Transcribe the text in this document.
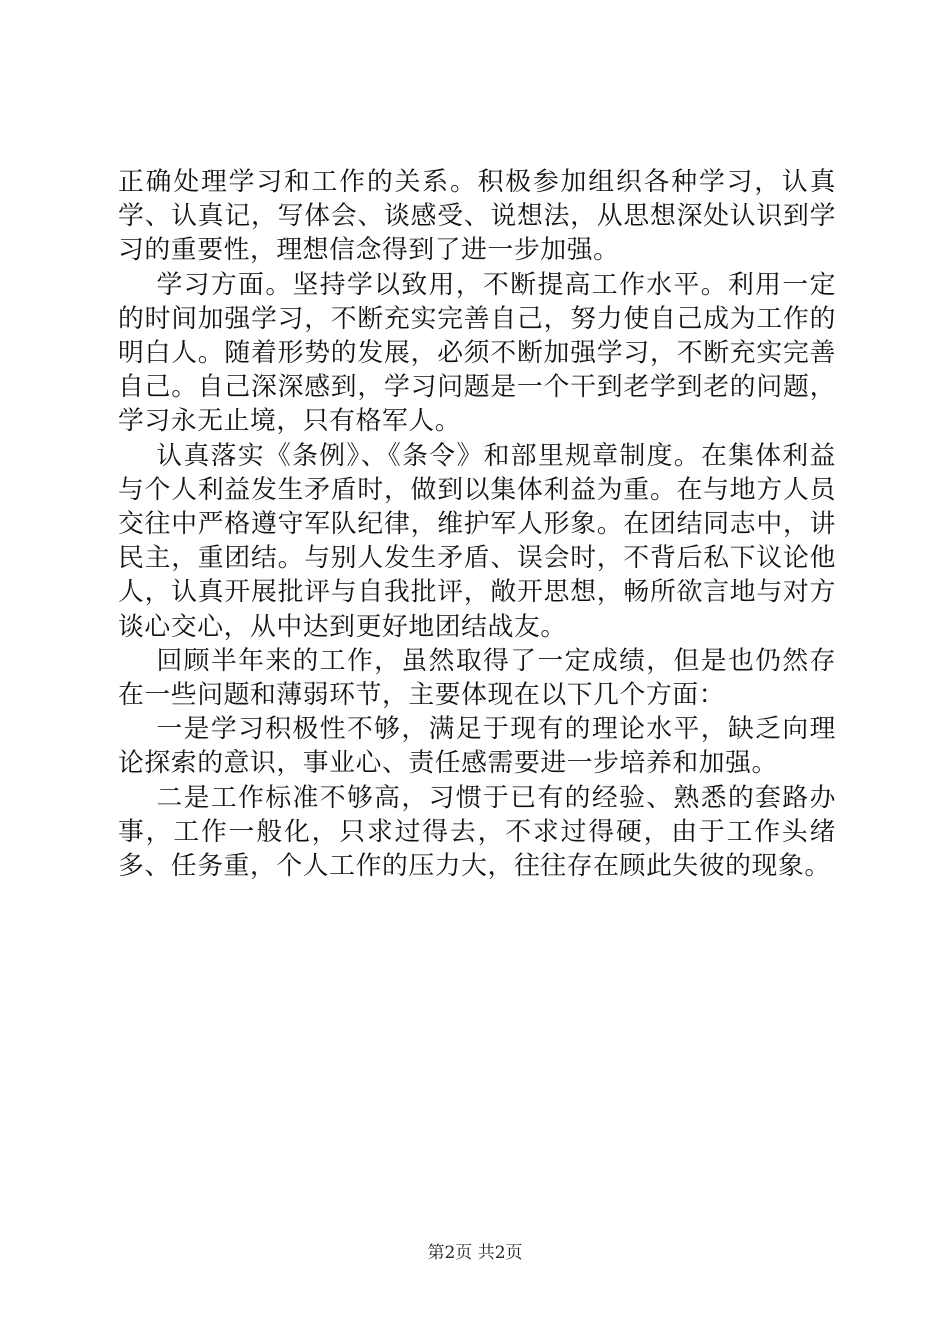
正确处理学习和工作的关系。积极参加组织各种学习，认真学、认真记，写体会、谈感受、说想法，从思想深处认识到学习的重要性，理想信念得到了进一步加强。

学习方面。坚持学以致用，不断提高工作水平。利用一定的时间加强学习，不断充实完善自己，努力使自己成为工作的明白人。随着形势的发展，必须不断加强学习，不断充实完善自己。自己深深感到，学习问题是一个干到老学到老的问题，学习永无止境，只有格军人。

认真落实《条例》、《条令》和部里规章制度。在集体利益与个人利益发生矛盾时，做到以集体利益为重。在与地方人员交往中严格遵守军队纪律，维护军人形象。在团结同志中，讲民主，重团结。与别人发生矛盾、误会时，不背后私下议论他人，认真开展批评与自我批评，敞开思想，畅所欲言地与对方谈心交心，从中达到更好地团结战友。

回顾半年来的工作，虽然取得了一定成绩，但是也仍然存在一些问题和薄弱环节，主要体现在以下几个方面：

一是学习积极性不够，满足于现有的理论水平，缺乏向理论探索的意识，事业心、责任感需要进一步培养和加强。

二是工作标准不够高，习惯于已有的经验、熟悉的套路办事，工作一般化，只求过得去，不求过得硬，由于工作头绪多、任务重，个人工作的压力大，往往存在顾此失彼的现象。

第2页 共2页
